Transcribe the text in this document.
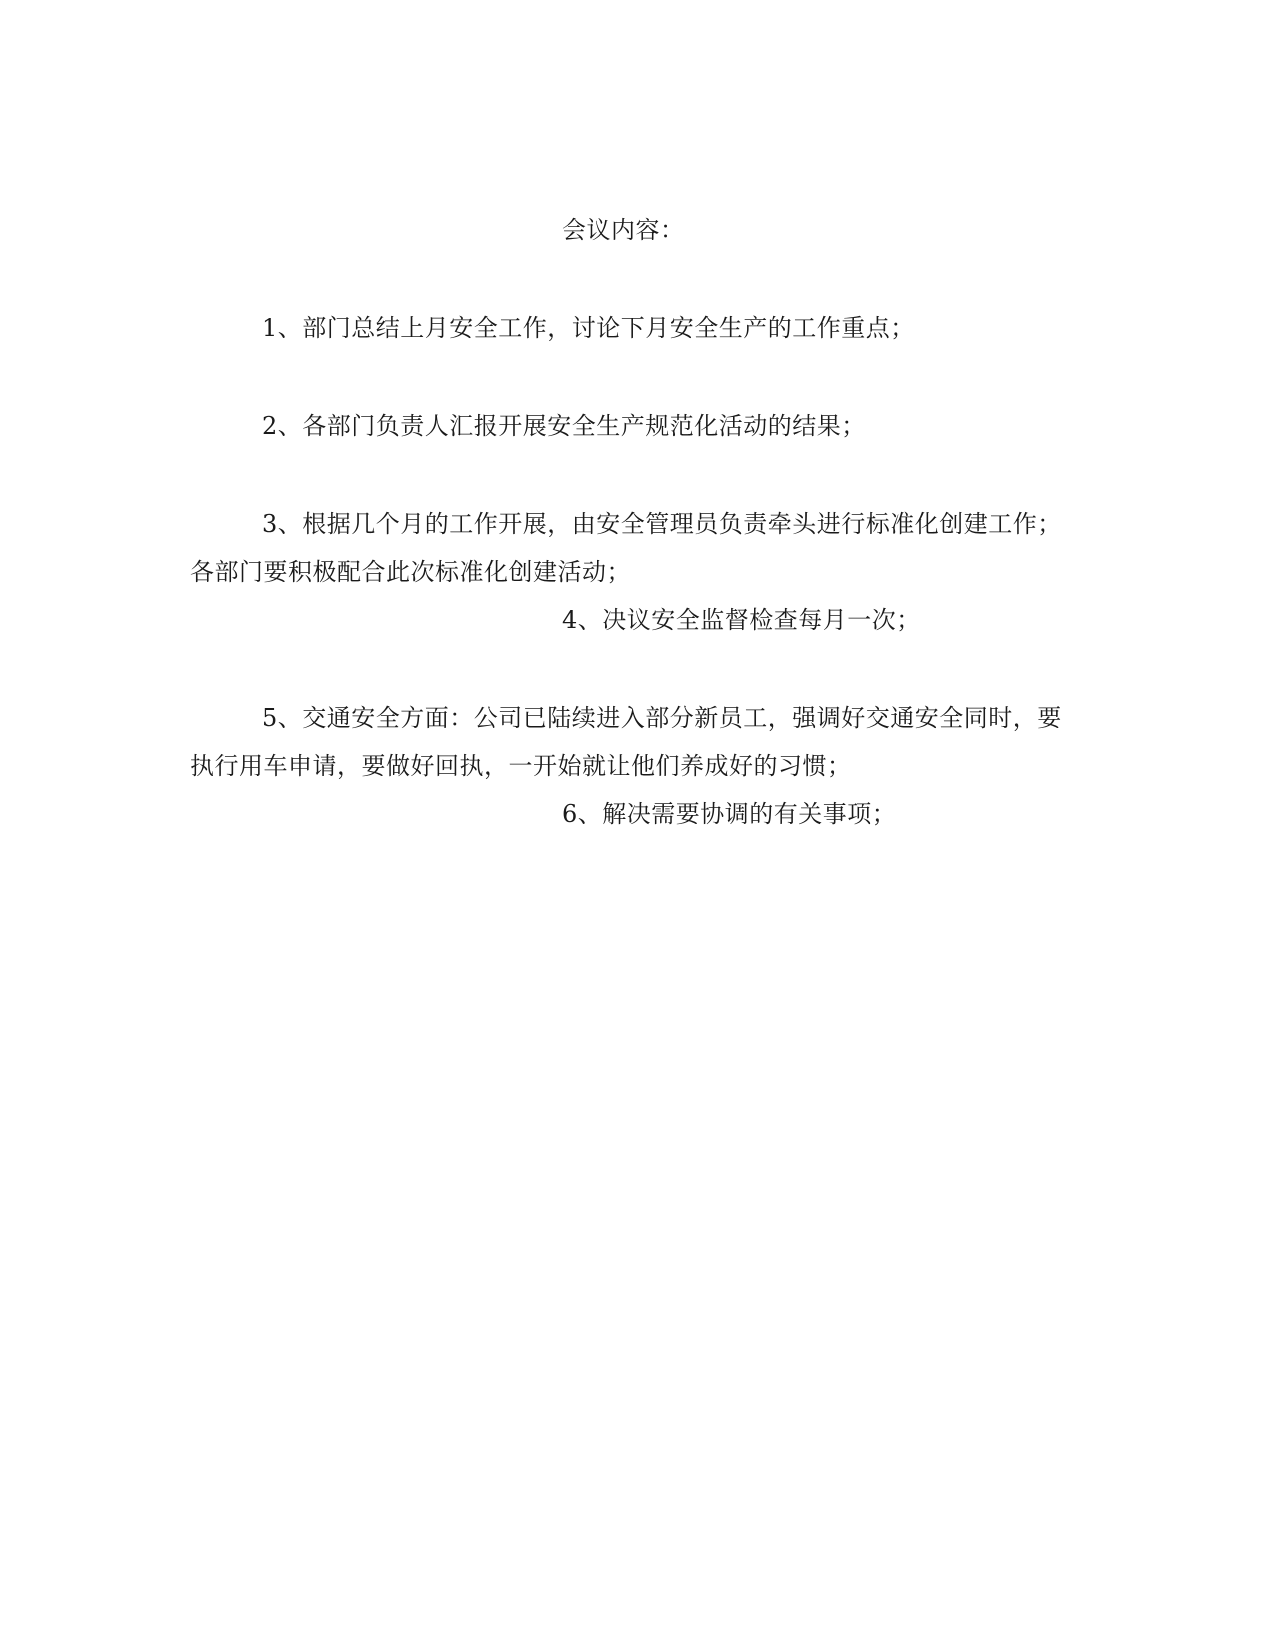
会议内容：
1、部门总结上月安全工作，讨论下月安全生产的工作重点；
2、各部门负责人汇报开展安全生产规范化活动的结果；
3、根据几个月的工作开展，由安全管理员负责牵头进行标准化创建工作；
各部门要积极配合此次标准化创建活动；
4、决议安全监督检查每月一次；
5、交通安全方面：公司已陆续进入部分新员工，强调好交通安全同时，要
执行用车申请，要做好回执，一开始就让他们养成好的习惯；
6、解决需要协调的有关事项；
